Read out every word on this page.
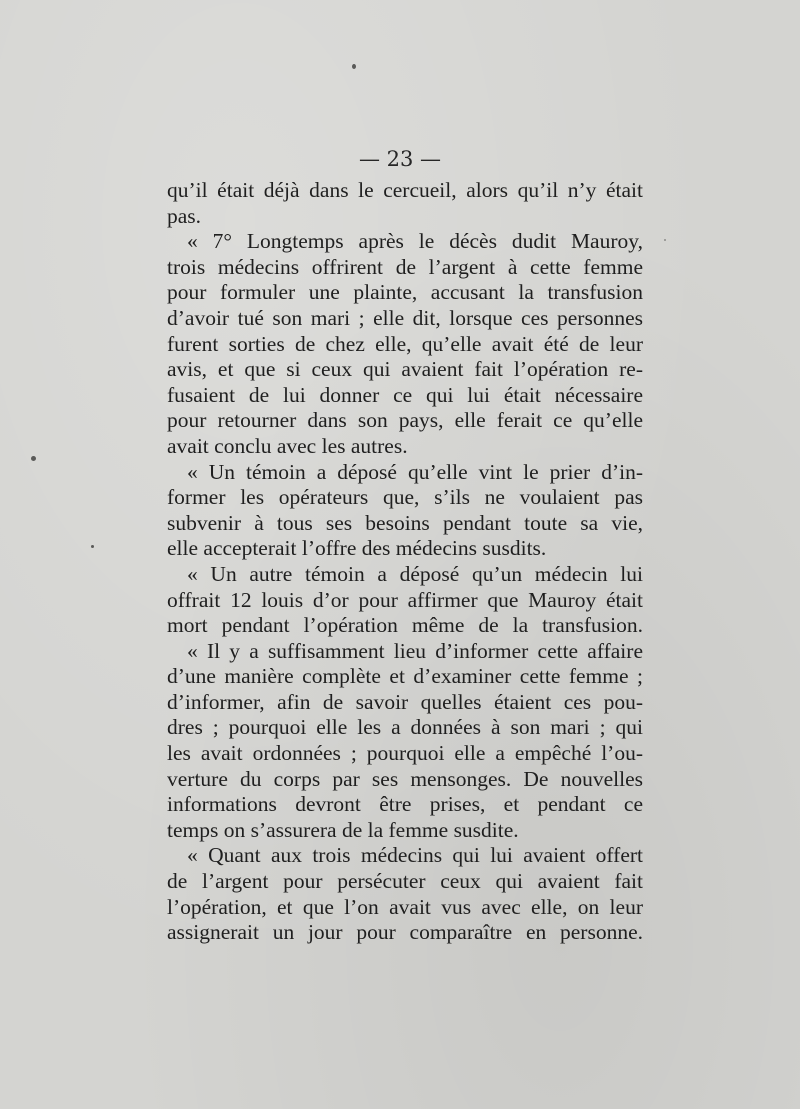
— 23 —
qu’il était déjà dans le cercueil, alors qu’il n’y était
pas.
« 7° Longtemps après le décès dudit Mauroy,
trois médecins offrirent de l’argent à cette femme
pour formuler une plainte, accusant la transfusion
d’avoir tué son mari ; elle dit, lorsque ces personnes
furent sorties de chez elle, qu’elle avait été de leur
avis, et que si ceux qui avaient fait l’opération re-
fusaient de lui donner ce qui lui était nécessaire
pour retourner dans son pays, elle ferait ce qu’elle
avait conclu avec les autres.
« Un témoin a déposé qu’elle vint le prier d’in-
former les opérateurs que, s’ils ne voulaient pas
subvenir à tous ses besoins pendant toute sa vie,
elle accepterait l’offre des médecins susdits.
« Un autre témoin a déposé qu’un médecin lui
offrait 12 louis d’or pour affirmer que Mauroy était
mort pendant l’opération même de la transfusion.
« Il y a suffisamment lieu d’informer cette affaire
d’une manière complète et d’examiner cette femme ;
d’informer, afin de savoir quelles étaient ces pou-
dres ; pourquoi elle les a données à son mari ; qui
les avait ordonnées ; pourquoi elle a empêché l’ou-
verture du corps par ses mensonges. De nouvelles
informations devront être prises, et pendant ce
temps on s’assurera de la femme susdite.
« Quant aux trois médecins qui lui avaient offert
de l’argent pour persécuter ceux qui avaient fait
l’opération, et que l’on avait vus avec elle, on leur
assignerait un jour pour comparaître en personne.
